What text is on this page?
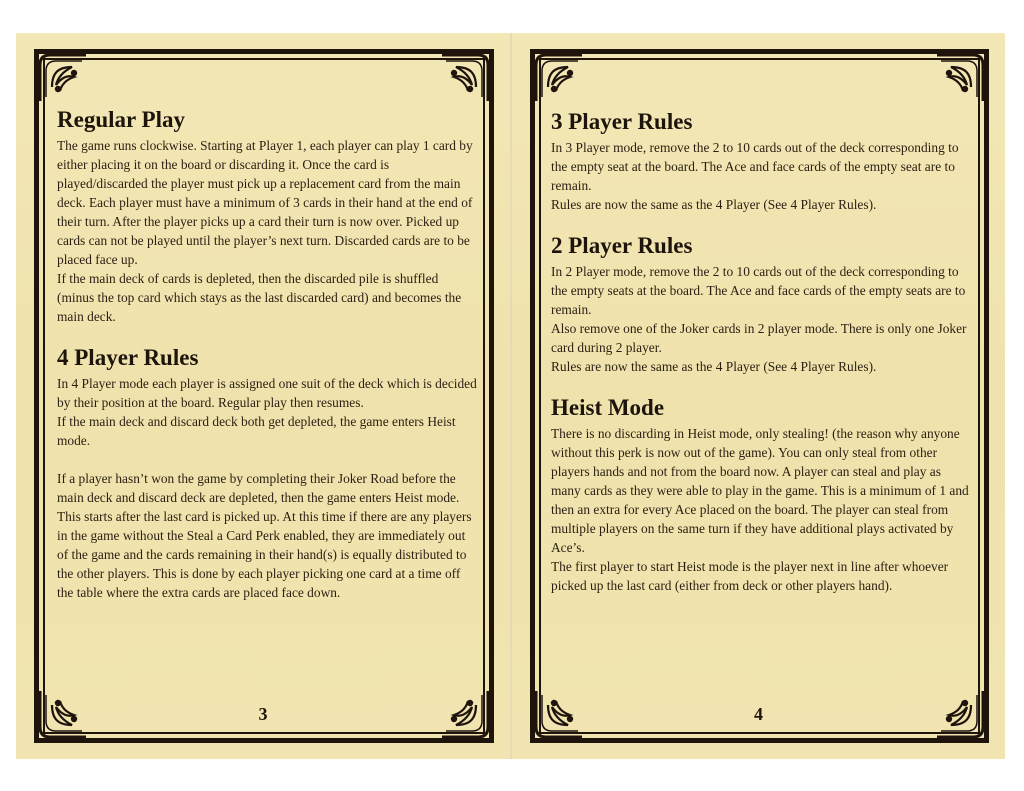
Regular Play

The game runs clockwise. Starting at Player 1, each player can play 1 card by either placing it on the board or discarding it. Once the card is played/discarded the player must pick up a replacement card from the main deck. Each player must have a minimum of 3 cards in their hand at the end of their turn. After the player picks up a card their turn is now over. Picked up cards can not be played until the player’s next turn. Discarded cards are to be placed face up.

If the main deck of cards is depleted, then the discarded pile is shuffled (minus the top card which stays as the last discarded card) and becomes the main deck.

4 Player Rules

In 4 Player mode each player is assigned one suit of the deck which is decided by their position at the board. Regular play then resumes.

If the main deck and discard deck both get depleted, the game enters Heist mode.

If a player hasn’t won the game by completing their Joker Road before the main deck and discard deck are depleted, then the game enters Heist mode. This starts after the last card is picked up. At this time if there are any players in the game without the Steal a Card Perk enabled, they are immediately out of the game and the cards remaining in their hand(s) is equally distributed to the other players. This is done by each player picking one card at a time off the table where the extra cards are placed face down.

3
3 Player Rules

In 3 Player mode, remove the 2 to 10 cards out of the deck corresponding to the empty seat at the board. The Ace and face cards of the empty seat are to remain.

Rules are now the same as the 4 Player (See 4 Player Rules).

2 Player Rules

In 2 Player mode, remove the 2 to 10 cards out of the deck corresponding to the empty seats at the board. The Ace and face cards of the empty seats are to remain.

Also remove one of the Joker cards in 2 player mode. There is only one Joker card during 2 player.

Rules are now the same as the 4 Player (See 4 Player Rules).

Heist Mode

There is no discarding in Heist mode, only stealing! (the reason why anyone without this perk is now out of the game). You can only steal from other players hands and not from the board now. A player can steal and play as many cards as they were able to play in the game. This is a minimum of 1 and then an extra for every Ace placed on the board. The player can steal from multiple players on the same turn if they have additional plays activated by Ace’s.

The first player to start Heist mode is the player next in line after whoever picked up the last card (either from deck or other players hand).

4
